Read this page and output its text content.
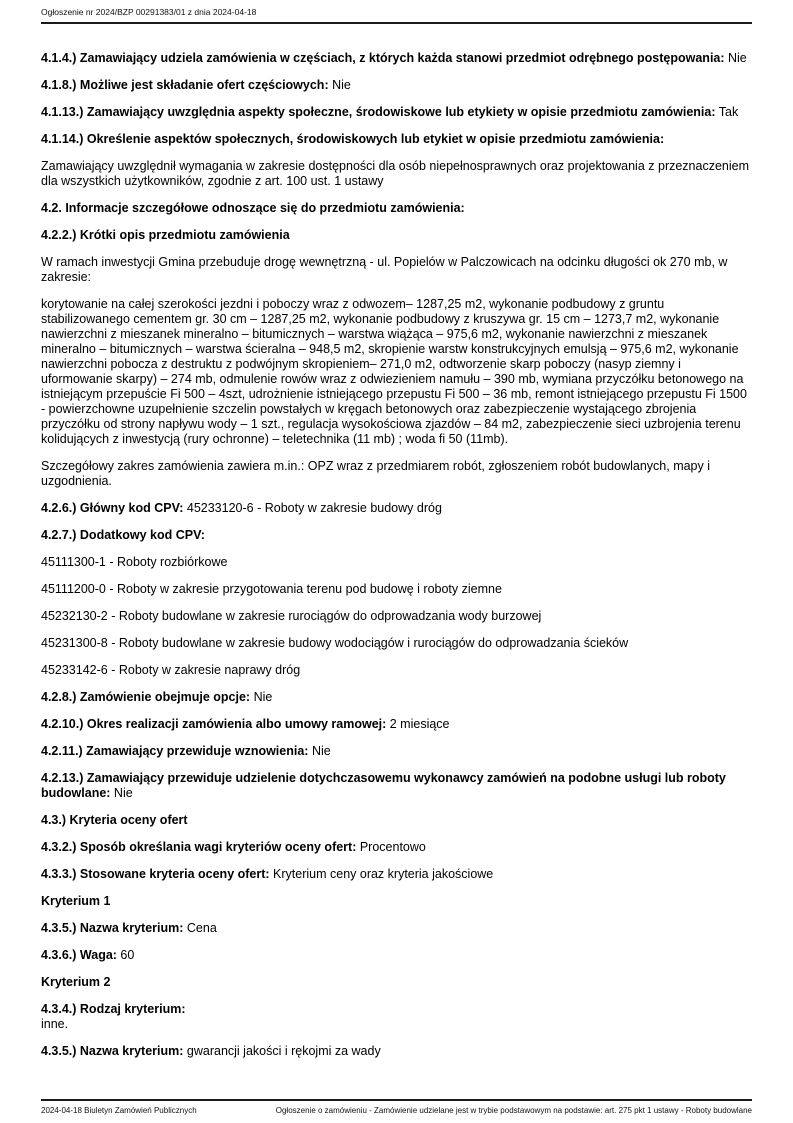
Ogłoszenie nr 2024/BZP 00291383/01 z dnia 2024-04-18

4.1.4.) Zamawiający udziela zamówienia w częściach, z których każda stanowi przedmiot odrębnego postępowania: Nie

4.1.8.) Możliwe jest składanie ofert częściowych: Nie

4.1.13.) Zamawiający uwzględnia aspekty społeczne, środowiskowe lub etykiety w opisie przedmiotu zamówienia: Tak

4.1.14.) Określenie aspektów społecznych, środowiskowych lub etykiet w opisie przedmiotu zamówienia:

Zamawiający uwzględnił wymagania w zakresie dostępności dla osób niepełnosprawnych oraz projektowania z przeznaczeniem dla wszystkich użytkowników, zgodnie z art. 100 ust. 1 ustawy

4.2. Informacje szczegółowe odnoszące się do przedmiotu zamówienia:

4.2.2.) Krótki opis przedmiotu zamówienia

W ramach inwestycji Gmina przebuduje drogę wewnętrzną - ul. Popielów w Palczowicach na odcinku długości ok 270 mb, w zakresie:

korytowanie na całej szerokości jezdni i poboczy wraz z odwozem– 1287,25 m2, wykonanie podbudowy z gruntu stabilizowanego cementem gr. 30 cm – 1287,25 m2, wykonanie podbudowy z kruszywa gr. 15 cm – 1273,7 m2, wykonanie nawierzchni z mieszanek mineralno – bitumicznych – warstwa wiążąca – 975,6 m2, wykonanie nawierzchni z mieszanek mineralno – bitumicznych – warstwa ścieralna – 948,5 m2, skropienie warstw konstrukcyjnych emulsją – 975,6 m2, wykonanie nawierzchni pobocza z destruktu z podwójnym skropieniem– 271,0 m2, odtworzenie skarp poboczy (nasyp ziemny i uformowanie skarpy) – 274 mb, odmulenie rowów wraz z odwiezieniem namułu – 390 mb, wymiana przyczółku betonowego na istniejącym przepuście Fi 500 – 4szt, udrożnienie istniejącego przepustu Fi 500 – 36 mb, remont istniejącego przepustu Fi 1500 - powierzchowne uzupełnienie szczelin powstałych w kręgach betonowych oraz zabezpieczenie wystającego zbrojenia przyczółku od strony napływu wody – 1 szt., regulacja wysokościowa zjazdów – 84 m2, zabezpieczenie sieci uzbrojenia terenu kolidujących z inwestycją (rury ochronne) – teletechnika (11 mb) ; woda fi 50 (11mb).

Szczegółowy zakres zamówienia zawiera m.in.: OPZ wraz z przedmiarem robót, zgłoszeniem robót budowlanych, mapy i uzgodnienia.

4.2.6.) Główny kod CPV: 45233120-6 - Roboty w zakresie budowy dróg

4.2.7.) Dodatkowy kod CPV:

45111300-1 - Roboty rozbiórkowe

45111200-0 - Roboty w zakresie przygotowania terenu pod budowę i roboty ziemne

45232130-2 - Roboty budowlane w zakresie rurociągów do odprowadzania wody burzowej

45231300-8 - Roboty budowlane w zakresie budowy wodociągów i rurociągów do odprowadzania ścieków

45233142-6 - Roboty w zakresie naprawy dróg

4.2.8.) Zamówienie obejmuje opcje: Nie

4.2.10.) Okres realizacji zamówienia albo umowy ramowej: 2 miesiące

4.2.11.) Zamawiający przewiduje wznowienia: Nie

4.2.13.) Zamawiający przewiduje udzielenie dotychczasowemu wykonawcy zamówień na podobne usługi lub roboty budowlane: Nie

4.3.) Kryteria oceny ofert

4.3.2.) Sposób określania wagi kryteriów oceny ofert: Procentowo

4.3.3.) Stosowane kryteria oceny ofert: Kryterium ceny oraz kryteria jakościowe

Kryterium 1

4.3.5.) Nazwa kryterium: Cena

4.3.6.) Waga: 60

Kryterium 2

4.3.4.) Rodzaj kryterium:
inne.

4.3.5.) Nazwa kryterium: gwarancji jakości i rękojmi za wady

2024-04-18 Biuletyn Zamówień Publicznych	Ogłoszenie o zamówieniu - Zamówienie udzielane jest w trybie podstawowym na podstawie: art. 275 pkt 1 ustawy - Roboty budowlane
